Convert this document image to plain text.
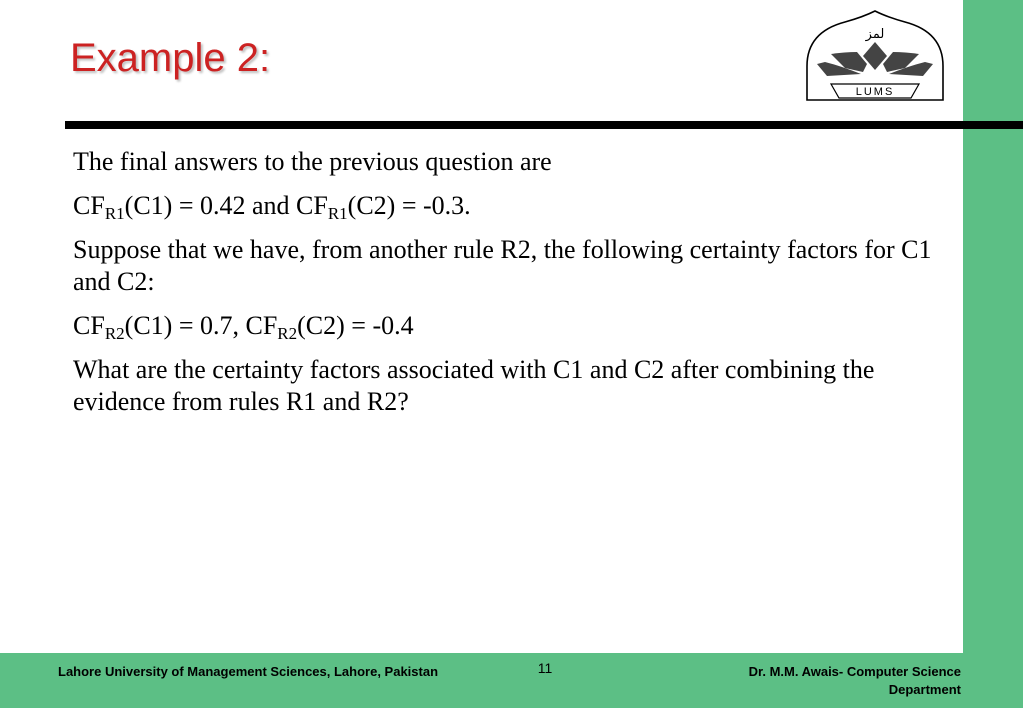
Example 2:
لمز
LUMS

The final answers to the previous question are

$CF_{R1}(C1) = 0.42$ and $CF_{R1}(C2) = -0.3$.

Suppose that we have, from another rule R2, the following certainty factors for C1 and C2:

$CF_{R2}(C1) = 0.7$, $CF_{R2}(C2) = -0.4$

What are the certainty factors associated with C1 and C2 after combining the evidence from rules R1 and R2?

Lahore University of Management Sciences, Lahore, Pakistan	11	Dr. M.M. Awais- Computer Science Department
